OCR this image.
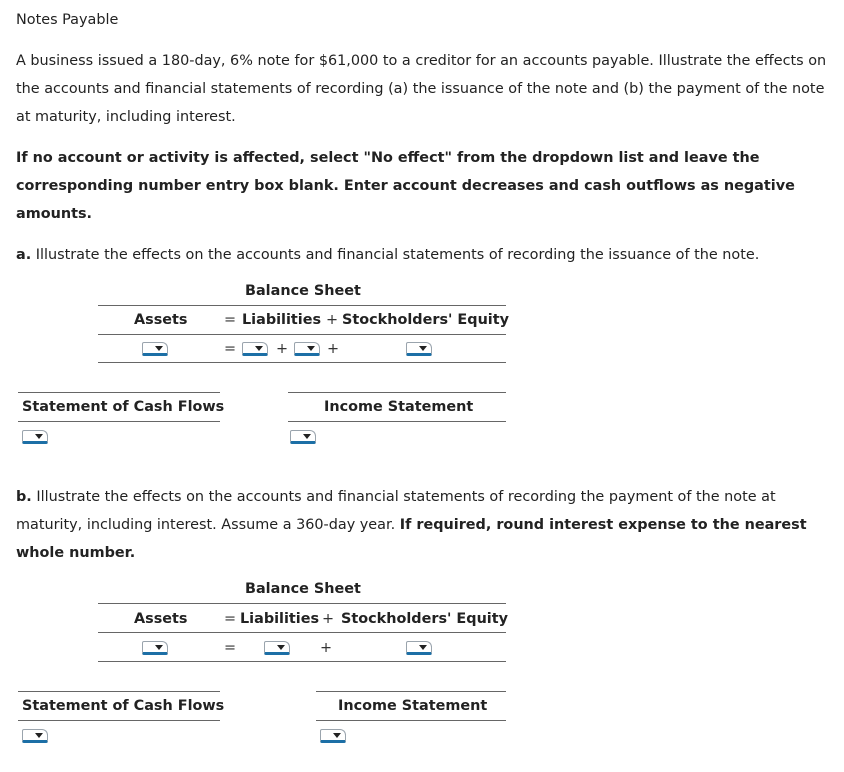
Notes Payable
A business issued a 180-day, 6% note for $61,000 to a creditor for an accounts payable. Illustrate the effects on the accounts and financial statements of recording (a) the issuance of the note and (b) the payment of the note at maturity, including interest.
If no account or activity is affected, select "No effect" from the dropdown list and leave the corresponding number entry box blank. Enter account decreases and cash outflows as negative amounts.
a. Illustrate the effects on the accounts and financial statements of recording the issuance of the note.
Balance Sheet
Assets	= Liabilities + Stockholders' Equity
=	+	+
Statement of Cash Flows	Income Statement
b. Illustrate the effects on the accounts and financial statements of recording the payment of the note at maturity, including interest. Assume a 360-day year. If required, round interest expense to the nearest whole number.
Balance Sheet
Assets	= Liabilities + Stockholders' Equity
=	+
Statement of Cash Flows	Income Statement
